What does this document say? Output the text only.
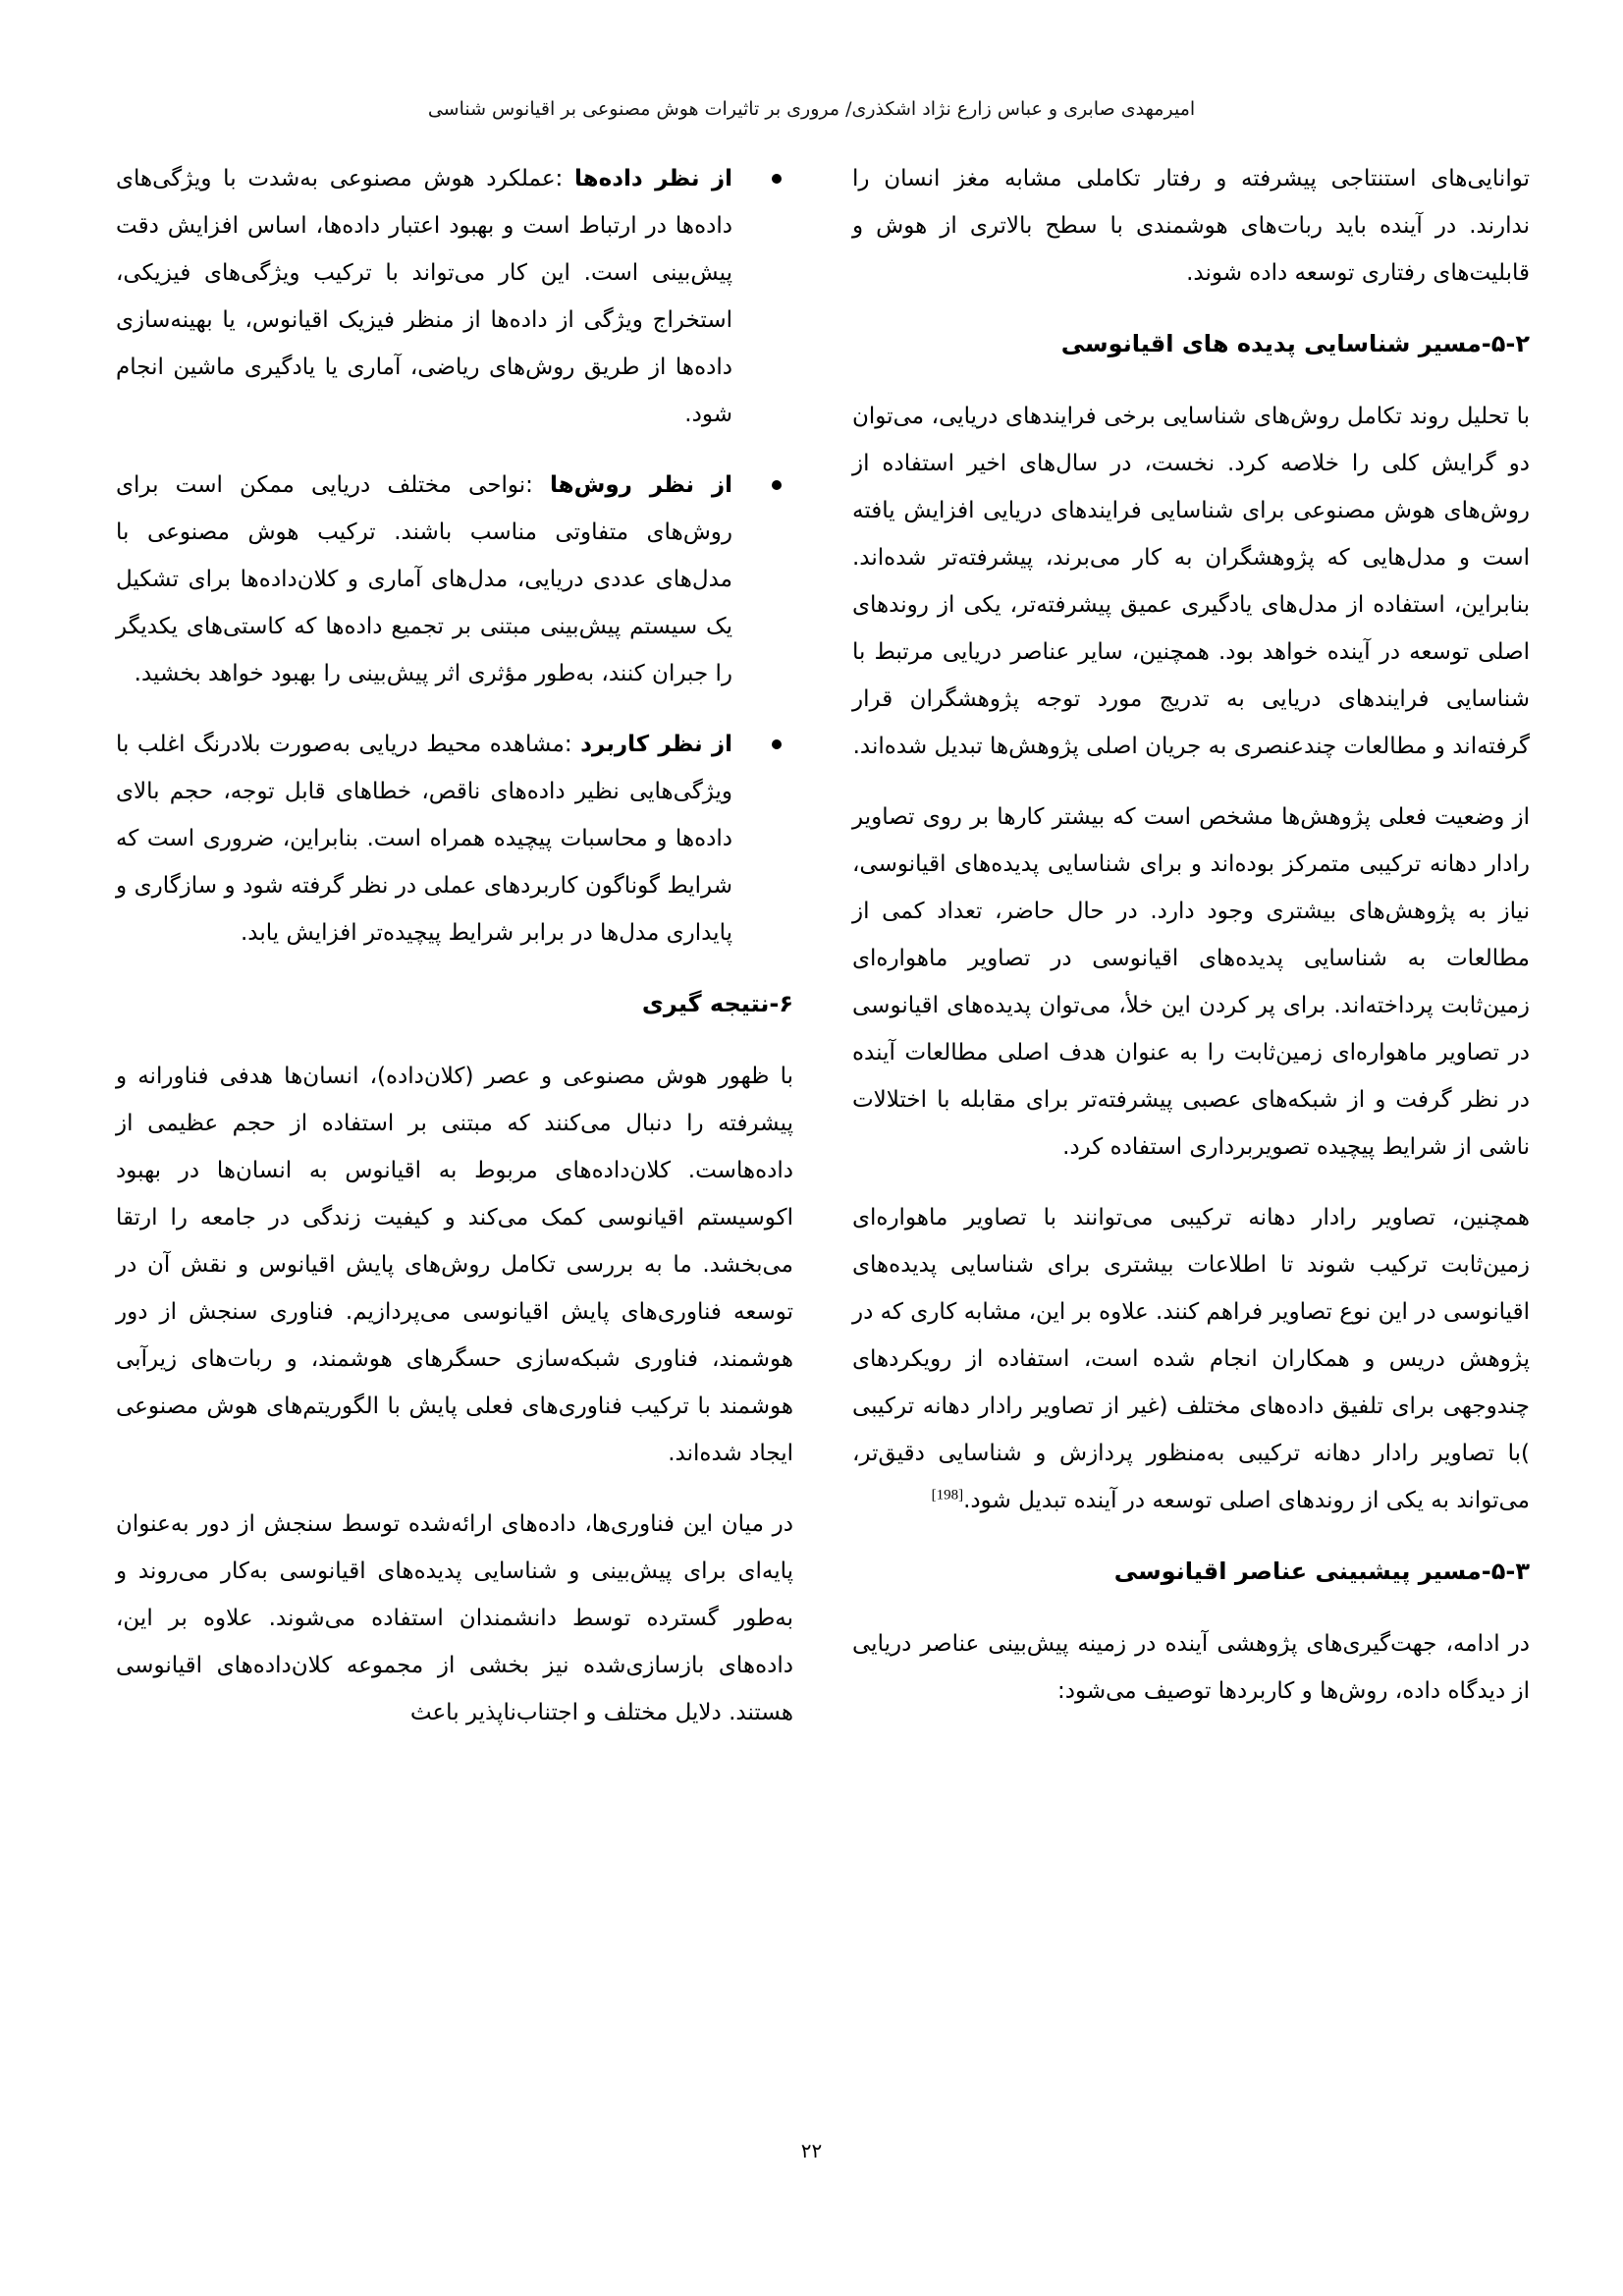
امیرمهدی صابری و عباس زارع نژاد اشکذری/ مروری بر تاثیرات هوش مصنوعی بر اقیانوس شناسی

توانایی‌های استنتاجی پیشرفته و رفتار تکاملی مشابه مغز انسان را ندارند. در آینده باید ربات‌های هوشمندی با سطح بالاتری از هوش و قابلیت‌های رفتاری توسعه داده شوند.

۵-۲-مسیر شناسایی پدیده های اقیانوسی

با تحلیل روند تکامل روش‌های شناسایی برخی فرایندهای دریایی، می‌توان دو گرایش کلی را خلاصه کرد. نخست، در سال‌های اخیر استفاده از روش‌های هوش مصنوعی برای شناسایی فرایندهای دریایی افزایش یافته است و مدل‌هایی که پژوهشگران به کار می‌برند، پیشرفته‌تر شده‌اند. بنابراین، استفاده از مدل‌های یادگیری عمیق پیشرفته‌تر، یکی از روندهای اصلی توسعه در آینده خواهد بود. همچنین، سایر عناصر دریایی مرتبط با شناسایی فرایندهای دریایی به تدریج مورد توجه پژوهشگران قرار گرفته‌اند و مطالعات چندعنصری به جریان اصلی پژوهش‌ها تبدیل شده‌اند.

از وضعیت فعلی پژوهش‌ها مشخص است که بیشتر کارها بر روی تصاویر رادار دهانه ترکیبی متمرکز بوده‌اند و برای شناسایی پدیده‌های اقیانوسی، نیاز به پژوهش‌های بیشتری وجود دارد. در حال حاضر، تعداد کمی از مطالعات به شناسایی پدیده‌های اقیانوسی در تصاویر ماهواره‌ای زمین‌ثابت پرداخته‌اند. برای پر کردن این خلأ، می‌توان پدیده‌های اقیانوسی در تصاویر ماهواره‌ای زمین‌ثابت را به عنوان هدف اصلی مطالعات آینده در نظر گرفت و از شبکه‌های عصبی پیشرفته‌تر برای مقابله با اختلالات ناشی از شرایط پیچیده تصویربرداری استفاده کرد.

همچنین، تصاویر رادار دهانه ترکیبی می‌توانند با تصاویر ماهواره‌ای زمین‌ثابت ترکیب شوند تا اطلاعات بیشتری برای شناسایی پدیده‌های اقیانوسی در این نوع تصاویر فراهم کنند. علاوه بر این، مشابه کاری که در پژوهش دریس و همکاران انجام شده است، استفاده از رویکردهای چندوجهی برای تلفیق داده‌های مختلف (غیر از تصاویر رادار دهانه ترکیبی )با تصاویر رادار دهانه ترکیبی به‌منظور پردازش و شناسایی دقیق‌تر، می‌تواند به یکی از روندهای اصلی توسعه در آینده تبدیل شود.[198]

۵-۳-مسیر پیشبینی عناصر اقیانوسی

در ادامه، جهت‌گیری‌های پژوهشی آینده در زمینه پیش‌بینی عناصر دریایی از دیدگاه داده، روش‌ها و کاربردها توصیف می‌شود:

از نظر داده‌ها :عملکرد هوش مصنوعی به‌شدت با ویژگی‌های داده‌ها در ارتباط است و بهبود اعتبار داده‌ها، اساس افزایش دقت پیش‌بینی است. این کار می‌تواند با ترکیب ویژگی‌های فیزیکی، استخراج ویژگی از داده‌ها از منظر فیزیک اقیانوس، یا بهینه‌سازی داده‌ها از طریق روش‌های ریاضی، آماری یا یادگیری ماشین انجام شود.
از نظر روش‌ها :نواحی مختلف دریایی ممکن است برای روش‌های متفاوتی مناسب باشند. ترکیب هوش مصنوعی با مدل‌های عددی دریایی، مدل‌های آماری و کلان‌داده‌ها برای تشکیل یک سیستم پیش‌بینی مبتنی بر تجمیع داده‌ها که کاستی‌های یکدیگر را جبران کنند، به‌طور مؤثری اثر پیش‌بینی را بهبود خواهد بخشید.
از نظر کاربرد :مشاهده محیط دریایی به‌صورت بلادرنگ اغلب با ویژگی‌هایی نظیر داده‌های ناقص، خطاهای قابل توجه، حجم بالای داده‌ها و محاسبات پیچیده همراه است. بنابراین، ضروری است که شرایط گوناگون کاربردهای عملی در نظر گرفته شود و سازگاری و پایداری مدل‌ها در برابر شرایط پیچیده‌تر افزایش یابد.
۶-نتیجه گیری

با ظهور هوش مصنوعی و عصر (کلان‌داده)، انسان‌ها هدفی فناورانه و پیشرفته را دنبال می‌کنند که مبتنی بر استفاده از حجم عظیمی از داده‌هاست. کلان‌داده‌های مربوط به اقیانوس به انسان‌ها در بهبود اکوسیستم اقیانوسی کمک می‌کند و کیفیت زندگی در جامعه را ارتقا می‌بخشد. ما به بررسی تکامل روش‌های پایش اقیانوس و نقش آن در توسعه فناوری‌های پایش اقیانوسی می‌پردازیم. فناوری سنجش از دور هوشمند، فناوری شبکه‌سازی حسگرهای هوشمند، و ربات‌های زیرآبی هوشمند با ترکیب فناوری‌های فعلی پایش با الگوریتم‌های هوش مصنوعی ایجاد شده‌اند.

در میان این فناوری‌ها، داده‌های ارائه‌شده توسط سنجش از دور به‌عنوان پایه‌ای برای پیش‌بینی و شناسایی پدیده‌های اقیانوسی به‌کار می‌روند و به‌طور گسترده توسط دانشمندان استفاده می‌شوند. علاوه بر این، داده‌های بازسازی‌شده نیز بخشی از مجموعه کلان‌داده‌های اقیانوسی هستند. دلایل مختلف و اجتناب‌ناپذیر باعث

۲۲
